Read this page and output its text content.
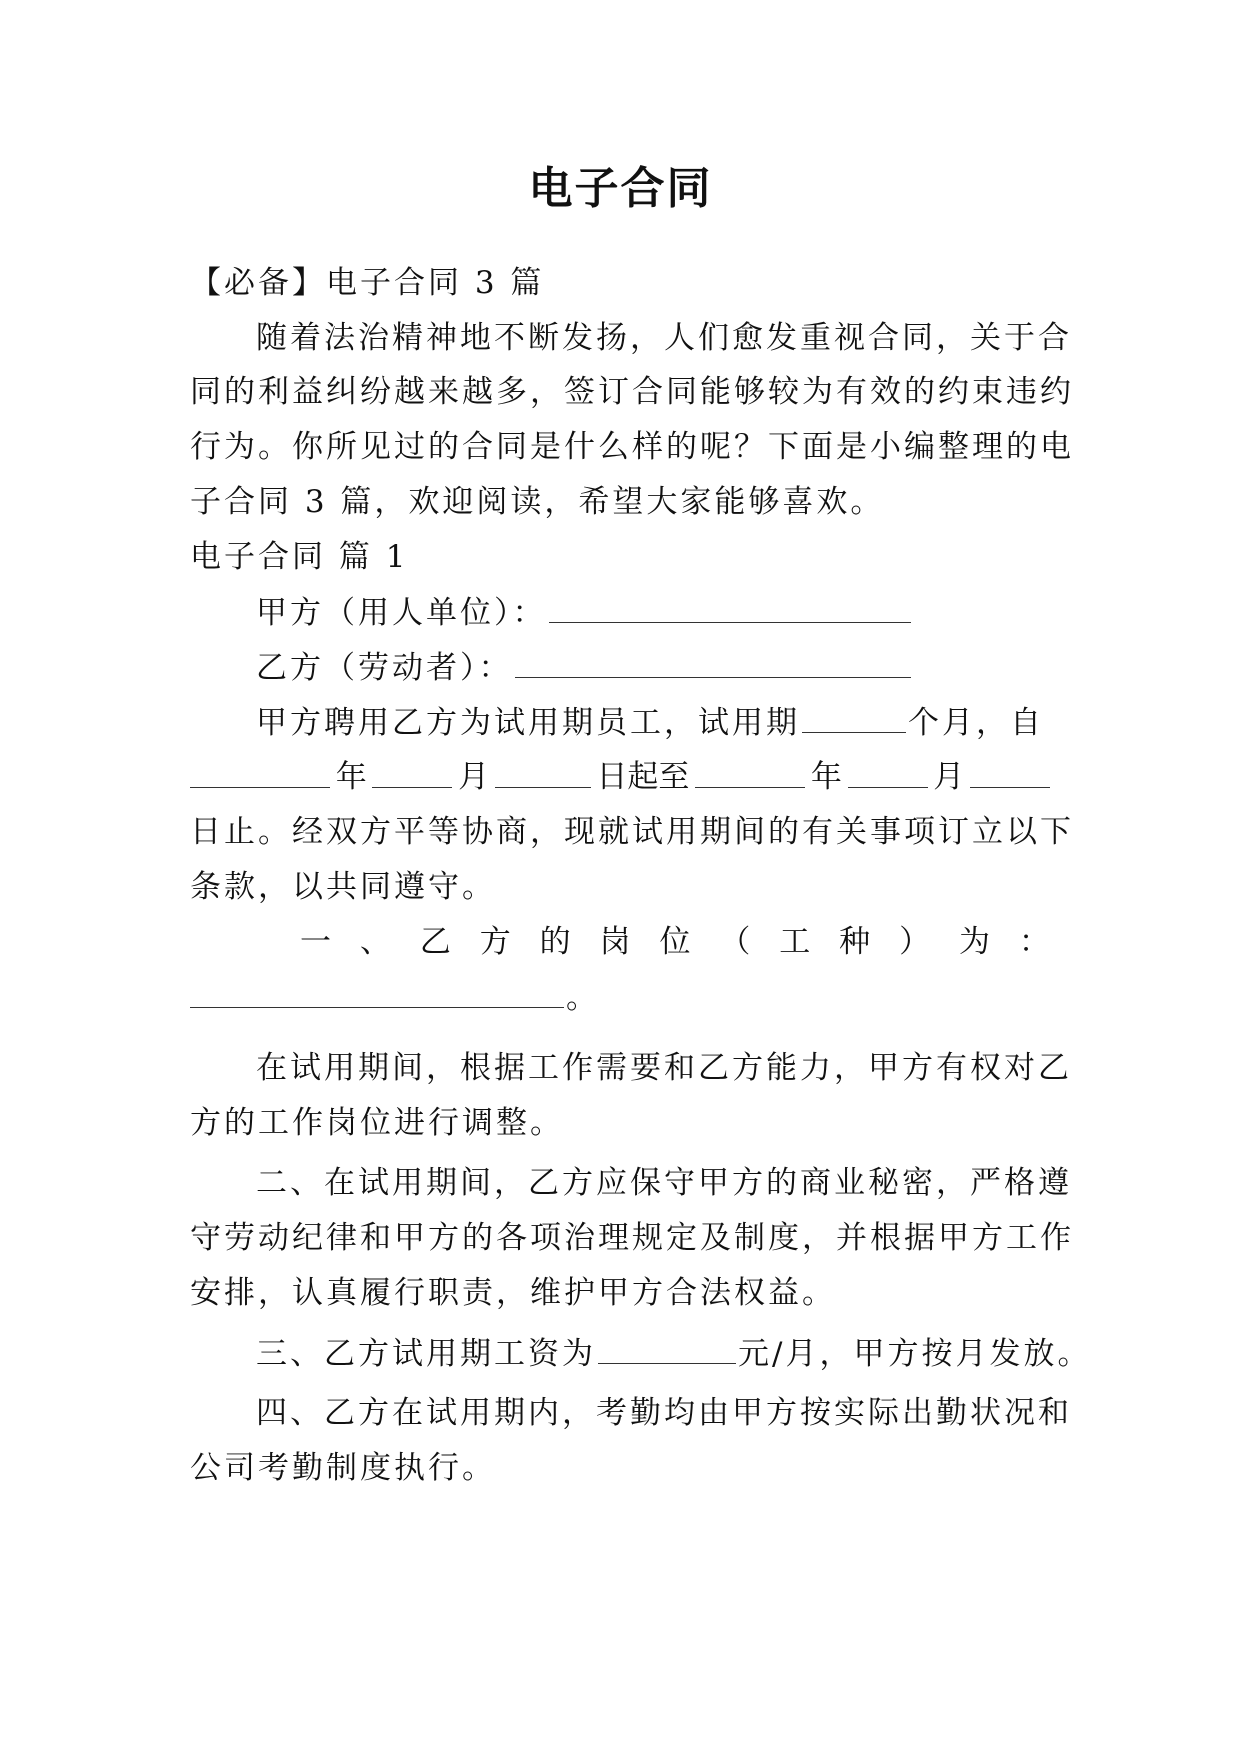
电子合同
【必备】电子合同 3 篇
随着法治精神地不断发扬，人们愈发重视合同，关于合
同的利益纠纷越来越多，签订合同能够较为有效的约束违约
行为。你所见过的合同是什么样的呢？下面是小编整理的电
子合同 3 篇，欢迎阅读，希望大家能够喜欢。
电子合同 篇 1
甲方（用人单位）：
乙方（劳动者）：
甲方聘用乙方为试用期员工，试用期	个月，自
年	月	日起至	年	月
日止。经双方平等协商，现就试用期间的有关事项订立以下
条款，以共同遵守。
一 、 乙 方 的 岗 位 （ 工 种 ） 为 ：
。
在试用期间，根据工作需要和乙方能力，甲方有权对乙
方的工作岗位进行调整。
二、在试用期间，乙方应保守甲方的商业秘密，严格遵
守劳动纪律和甲方的各项治理规定及制度，并根据甲方工作
安排，认真履行职责，维护甲方合法权益。
三、乙方试用期工资为	元/月，甲方按月发放。
四、乙方在试用期内，考勤均由甲方按实际出勤状况和
公司考勤制度执行。
